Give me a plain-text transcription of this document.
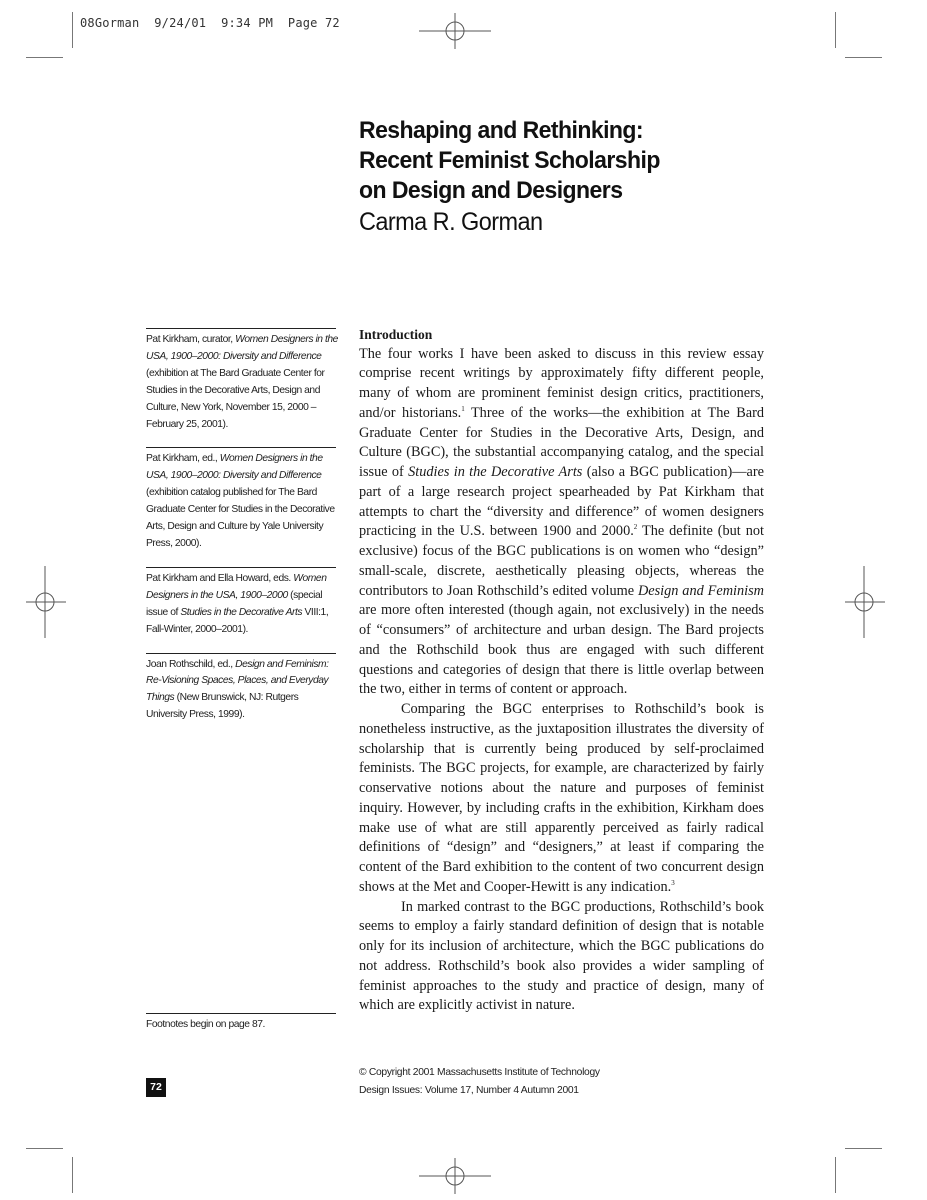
08Gorman  9/24/01  9:34 PM  Page 72
Reshaping and Rethinking:
Recent Feminist Scholarship
on Design and Designers
Carma R. Gorman
Pat Kirkham, curator, Women Designers in the
USA, 1900–2000: Diversity and Difference
(exhibition at The Bard Graduate Center for
Studies in the Decorative Arts, Design and
Culture, New York, November 15, 2000 –
February 25, 2001).
Pat Kirkham, ed., Women Designers in the
USA, 1900–2000: Diversity and Difference
(exhibition catalog published for The Bard
Graduate Center for Studies in the Decorative
Arts, Design and Culture by Yale University
Press, 2000).
Pat Kirkham and Ella Howard, eds. Women
Designers in the USA, 1900–2000 (special
issue of Studies in the Decorative Arts VIII:1,
Fall-Winter, 2000–2001).
Joan Rothschild, ed., Design and Feminism:
Re-Visioning Spaces, Places, and Everyday
Things (New Brunswick, NJ: Rutgers
University Press, 1999).
Footnotes begin on page 87.
Introduction

The four works I have been asked to discuss in this review essay comprise recent writings by approximately fifty different people, many of whom are prominent feminist design critics, practitioners, and/or historians.$^1$ Three of the works—the exhibition at The Bard Graduate Center for Studies in the Decorative Arts, Design, and Culture (BGC), the substantial accompanying catalog, and the special issue of Studies in the Decorative Arts (also a BGC publication)—are part of a large research project spearheaded by Pat Kirkham that attempts to chart the “diversity and difference” of women designers practicing in the U.S. between 1900 and 2000.$^2$ The definite (but not exclusive) focus of the BGC publications is on women who “design” small-scale, discrete, aesthetically pleasing objects, whereas the contributors to Joan Rothschild’s edited volume Design and Feminism are more often interested (though again, not exclusively) in the needs of “consumers” of architecture and urban design. The Bard projects and the Rothschild book thus are engaged with such different questions and categories of design that there is little overlap between the two, either in terms of content or approach.

Comparing the BGC enterprises to Rothschild’s book is nonetheless instructive, as the juxtaposition illustrates the diversity of scholarship that is currently being produced by self-proclaimed feminists. The BGC projects, for example, are characterized by fairly conservative notions about the nature and purposes of feminist inquiry. However, by including crafts in the exhibition, Kirkham does make use of what are still apparently perceived as fairly radical definitions of “design” and “designers,” at least if comparing the content of the Bard exhibition to the content of two concurrent design shows at the Met and Cooper-Hewitt is any indication.$^3$

In marked contrast to the BGC productions, Rothschild’s book seems to employ a fairly standard definition of design that is notable only for its inclusion of architecture, which the BGC publications do not address. Rothschild’s book also provides a wider sampling of feminist approaches to the study and practice of design, many of which are explicitly activist in nature.

© Copyright 2001 Massachusetts Institute of Technology
Design Issues: Volume 17, Number 4 Autumn 2001
72
